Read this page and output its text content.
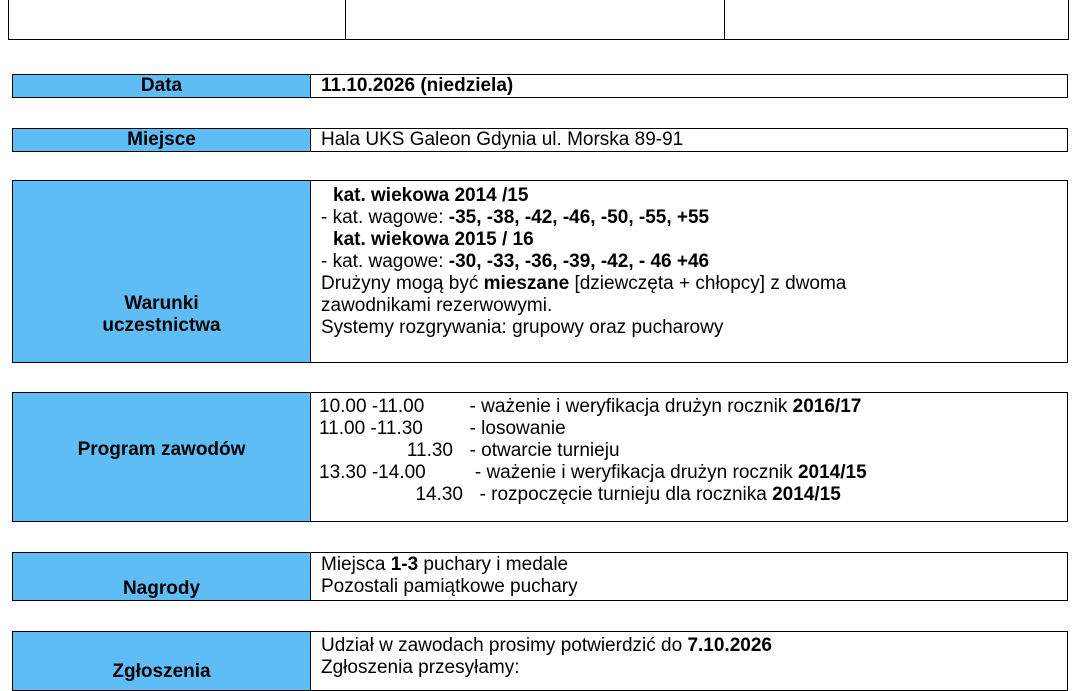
Data	11.10.2026 (niedziela)
Miejsce	Hala UKS Galeon Gdynia ul. Morska 89-91
Warunki
uczestnictwa
kat. wiekowa 2014 /15
- kat. wagowe: -35, -38, -42, -46, -50, -55, +55
kat. wiekowa 2015 / 16
- kat. wagowe: -30, -33, -36, -39, -42, - 46 +46
Drużyny mogą być mieszane [dziewczęta + chłopcy] z dwoma
zawodnikami rezerwowymi.
Systemy rozgrywania: grupowy oraz pucharowy
Program zawodów
10.00 -11.00  - ważenie i weryfikacja drużyn rocznik 2016/17
11.00 -11.30  - losowanie
11.30  - otwarcie turnieju
13.30 -14.00   - ważenie i weryfikacja drużyn rocznik 2014/15
14.30  - rozpoczęcie turnieju dla rocznika 2014/15
Nagrody
Miejsca 1-3 puchary i medale
Pozostali pamiątkowe puchary
Zgłoszenia
Udział w zawodach prosimy potwierdzić do 7.10.2026
Zgłoszenia przesyłamy:
